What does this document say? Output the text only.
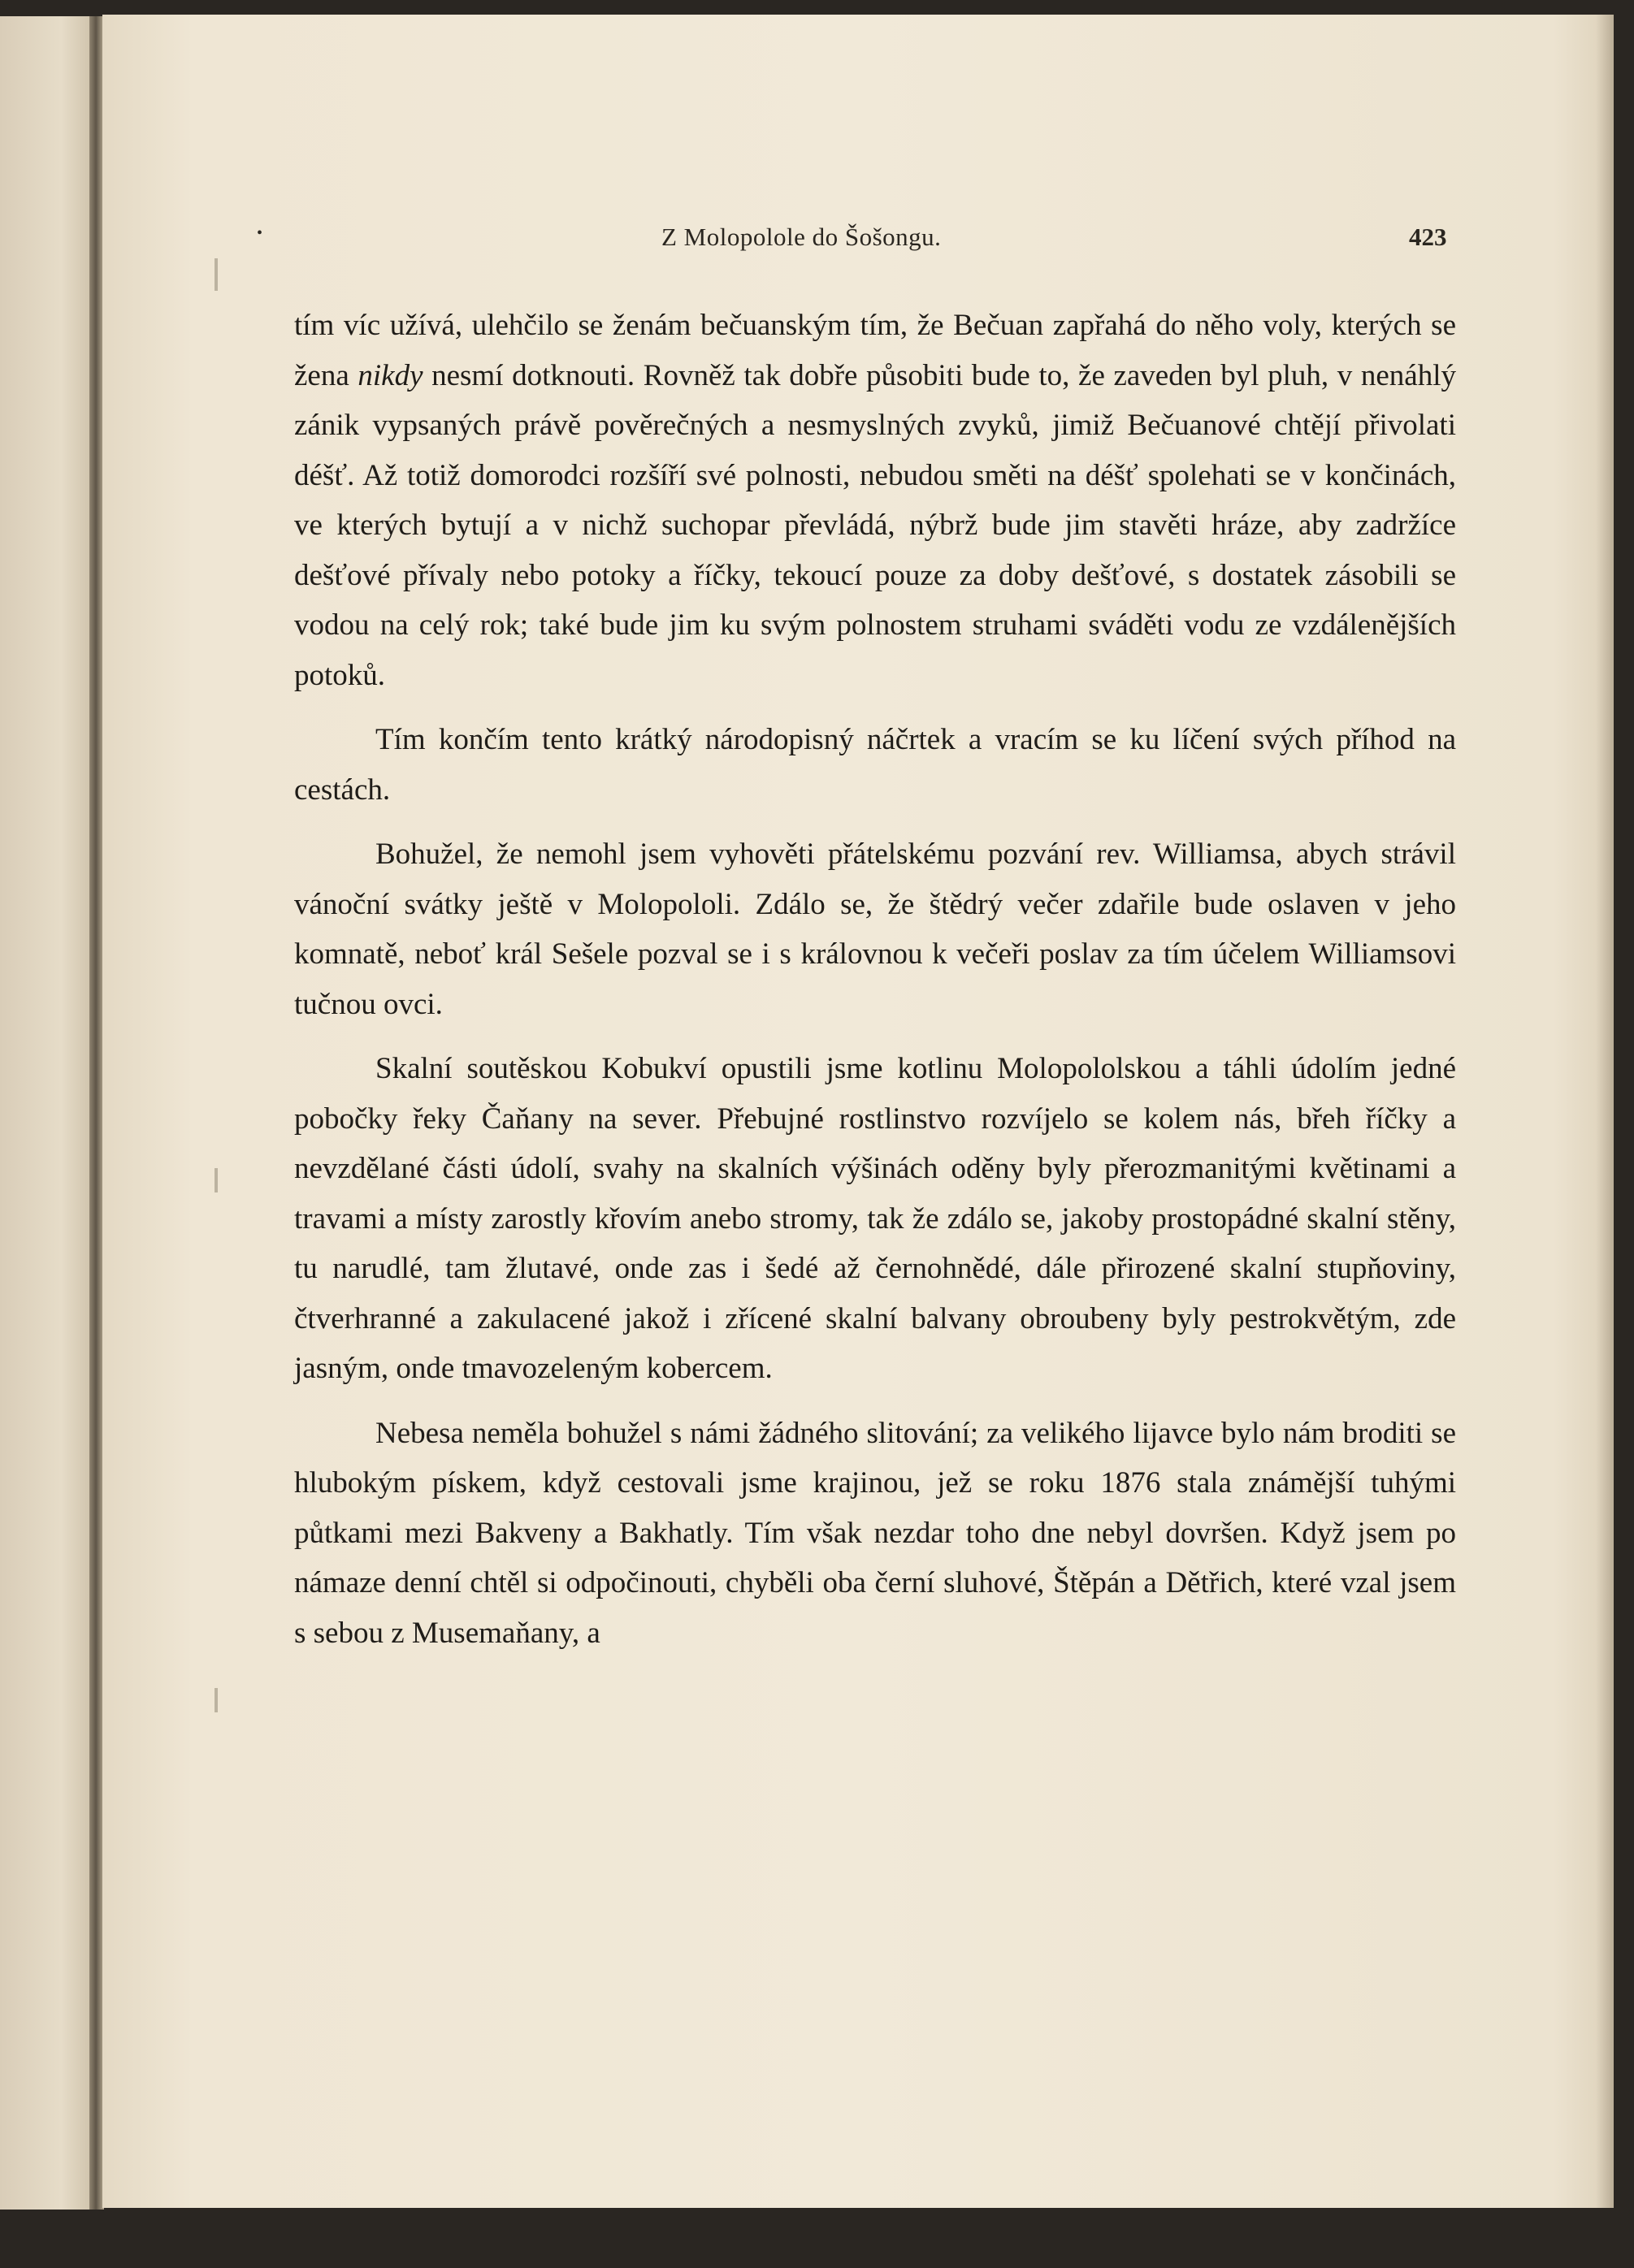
•	Z Molopolole do Šošongu.	423

tím víc užívá, ulehčilo se ženám bečuanským tím, že Bečuan zapřahá do něho voly, kterých se žena nikdy nesmí dotknouti. Rovněž tak dobře působiti bude to, že zaveden byl pluh, v nenáhlý zánik vypsaných právě pověrečných a nesmyslných zvyků, jimiž Bečuanové chtějí přivolati déšť. Až totiž domorodci rozšíří své polnosti, nebudou směti na déšť spolehati se v končinách, ve kterých bytují a v nichž suchopar převládá, nýbrž bude jim stavěti hráze, aby zadržíce dešťové přívaly nebo potoky a říčky, tekoucí pouze za doby dešťové, s dostatek zásobili se vodou na celý rok; také bude jim ku svým polnostem struhami sváděti vodu ze vzdálenějších potoků.

Tím končím tento krátký národopisný náčrtek a vracím se ku líčení svých příhod na cestách.

Bohužel, že nemohl jsem vyhověti přátelskému pozvání rev. Williamsa, abych strávil vánoční svátky ještě v Molopololi. Zdálo se, že štědrý večer zdařile bude oslaven v jeho komnatě, neboť král Sešele pozval se i s královnou k večeři poslav za tím účelem Williamsovi tučnou ovci.

Skalní soutěskou Kobukví opustili jsme kotlinu Molopololskou a táhli údolím jedné pobočky řeky Čaňany na sever. Přebujné rostlinstvo rozvíjelo se kolem nás, břeh říčky a nevzdělané části údolí, svahy na skalních výšinách oděny byly přerozmanitými květinami a travami a místy zarostly křovím anebo stromy, tak že zdálo se, jakoby prostopádné skalní stěny, tu narudlé, tam žlutavé, onde zas i šedé až černohnědé, dále přirozené skalní stupňoviny, čtverhranné a zakulacené jakož i zřícené skalní balvany obroubeny byly pestrokvětým, zde jasným, onde tmavozeleným kobercem.

Nebesa neměla bohužel s námi žádného slitování; za velikého lijavce bylo nám broditi se hlubokým pískem, když cestovali jsme krajinou, jež se roku 1876 stala známější tuhými půtkami mezi Bakveny a Bakhatly. Tím však nezdar toho dne nebyl dovršen. Když jsem po námaze denní chtěl si odpočinouti, chyběli oba černí sluhové, Štěpán a Dětřich, které vzal jsem s sebou z Musemaňany, a
